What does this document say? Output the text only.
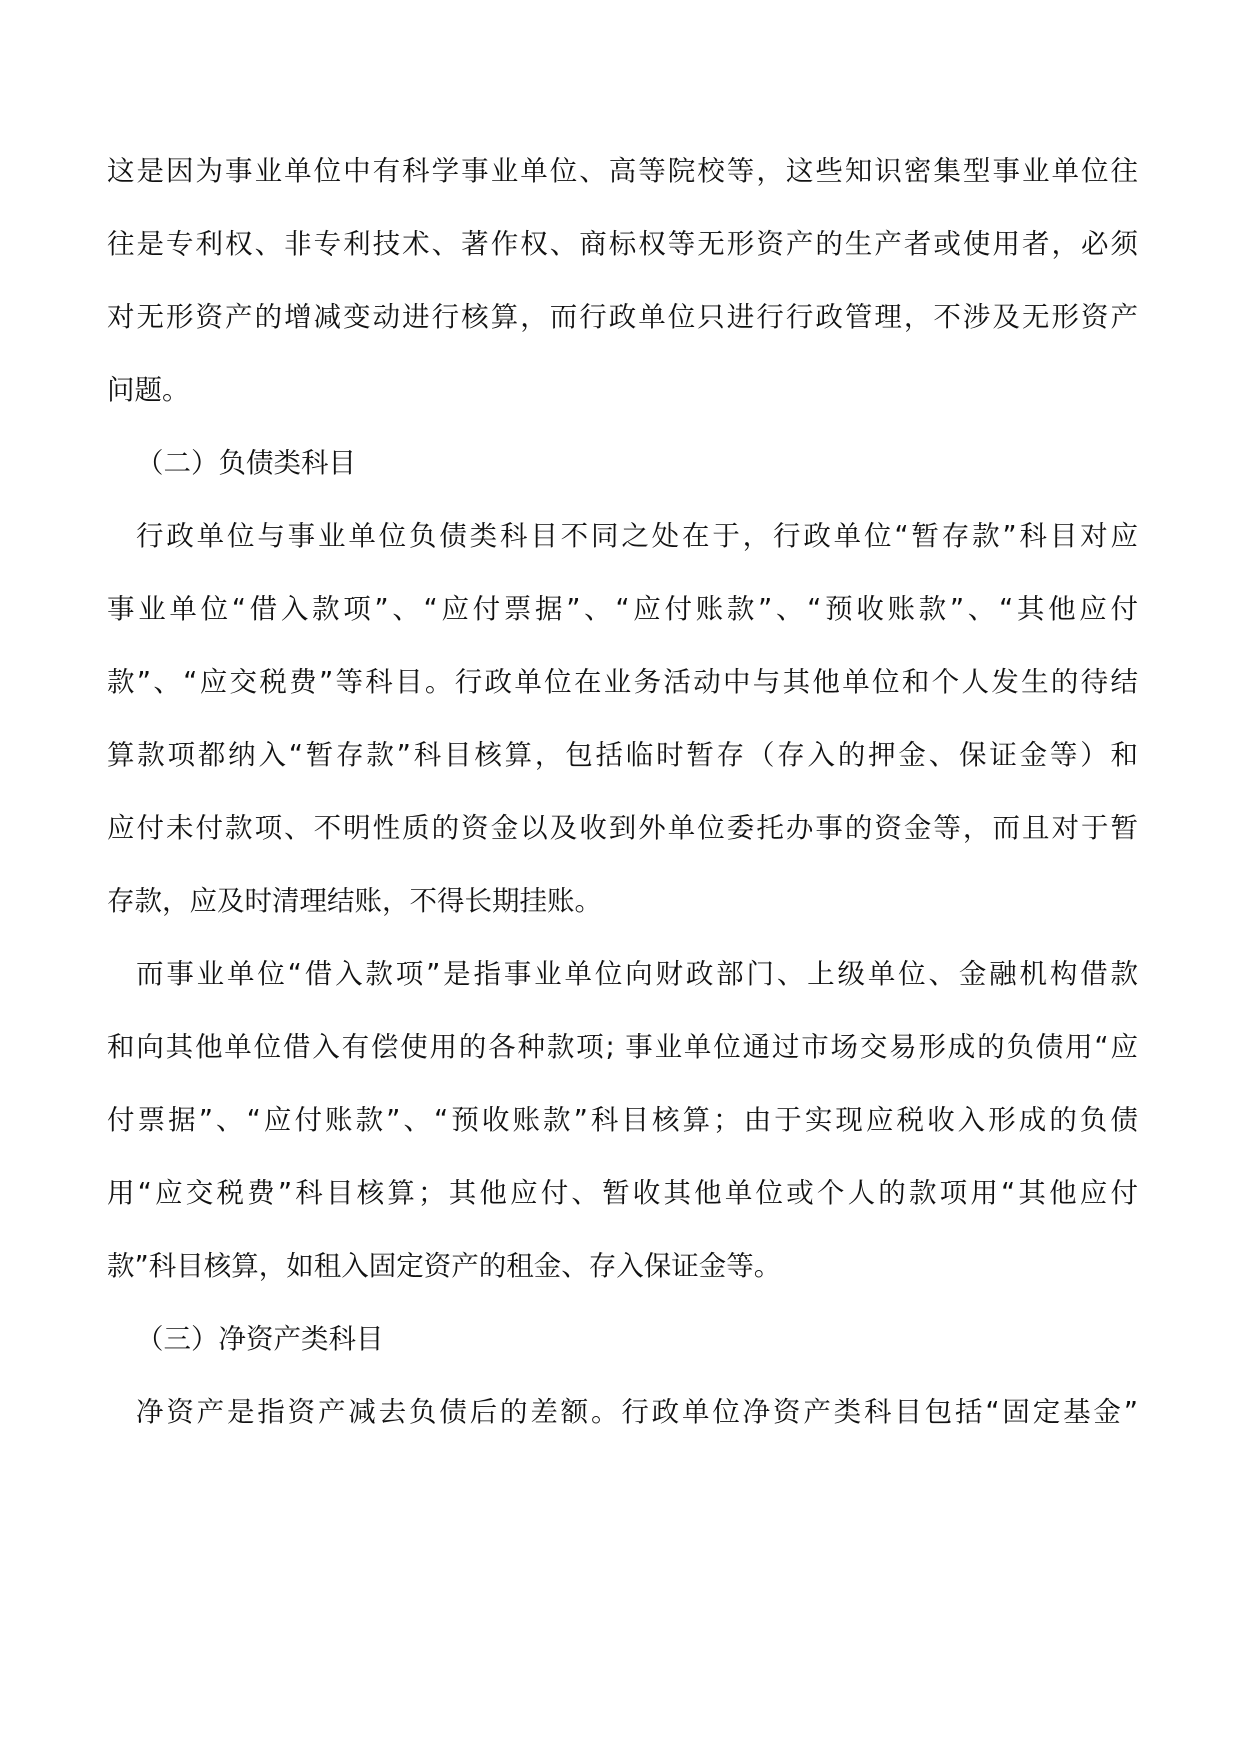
这是因为事业单位中有科学事业单位、高等院校等，这些知识密集型事业单位往
往是专利权、非专利技术、著作权、商标权等无形资产的生产者或使用者，必须
对无形资产的增减变动进行核算，而行政单位只进行行政管理，不涉及无形资产
问题。
（二）负债类科目
行政单位与事业单位负债类科目不同之处在于，行政单位“暂存款”科目对应
事业单位“借入款项”、“应付票据”、“应付账款”、“预收账款”、“其他应付
款”、“应交税费”等科目。行政单位在业务活动中与其他单位和个人发生的待结
算款项都纳入“暂存款”科目核算，包括临时暂存（存入的押金、保证金等）和
应付未付款项、不明性质的资金以及收到外单位委托办事的资金等，而且对于暂
存款，应及时清理结账，不得长期挂账。
而事业单位“借入款项”是指事业单位向财政部门、上级单位、金融机构借款
和向其他单位借入有偿使用的各种款项; 事业单位通过市场交易形成的负债用“应
付票据”、“应付账款”、“预收账款”科目核算；由于实现应税收入形成的负债
用“应交税费”科目核算；其他应付、暂收其他单位或个人的款项用“其他应付
款”科目核算，如租入固定资产的租金、存入保证金等。
（三）净资产类科目
净资产是指资产减去负债后的差额。行政单位净资产类科目包括“固定基金”
